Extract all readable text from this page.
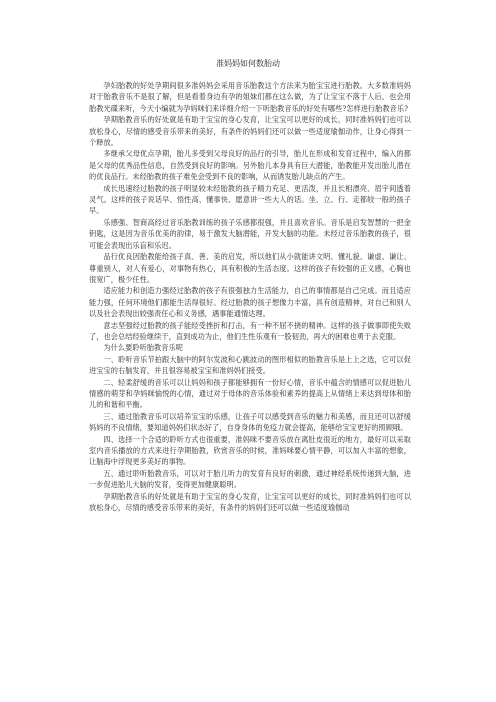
准妈妈如何数胎动

孕妇胎教的好处孕期间很多准妈妈会采用音乐胎教这个方法来为胎宝宝进行胎教。大多数准妈妈对于胎教音乐不是很了解，但是看着身边有孕的姐妹们都在这么做，为了让宝宝不落于人后，也会用胎教光碟来听，今天小编就为孕妈咪们来详细介绍一下听胎教音乐的好处有哪些?怎样进行胎教音乐?

孕期胎教音乐的好处就是有助于宝宝的身心发育，让宝宝可以更好的成长，同时准妈妈们也可以放松身心，尽情的感受音乐带来的美好，有条件的妈妈们还可以做一些适度瑜伽动作，让身心得到一个释放。

多继承父母优点孕期，胎儿多受到父母良好的品行的引导，胎儿在形成和发育过程中，编入的都是父母的优秀品性信息，自然受到良好的影响。另外胎儿本身具有巨大潜能，胎教能开发出胎儿潜在的优良品行。未经胎教的孩子难免会受到不良的影响，从而诱发胎儿缺点的产生。

成长迅速经过胎教的孩子明显较未经胎教的孩子精力充足、更活泼，并且长相漂亮、眉宇间透着灵气。这样的孩子说话早、悟性高、懂事快、愿意讲一些大人的话。坐、立、行、走都较一般的孩子早。

乐感强、智商高经过音乐胎教训练的孩子乐感都很强，并且喜欢音乐。音乐是启发智慧的一把金钥匙，这是因为音乐优美的韵律，易于激发大脑潜能，开发大脑的功能。未经过音乐胎教的孩子，很可能会表现出乐盲和乐迟。

品行优良因胎教能给孩子真、善、美的启发，所以他们从小就能讲文明、懂礼貌、谦虚、谦让、尊重别人，对人有爱心，对事物有热心，具有积极的生活态度。这样的孩子有较强的正义感，心胸也很宽广，极少任性。

适应能力和创造力强经过胎教的孩子有很强独力生活能力，自己的事情都是自己完成。而且适应能力强，任何环境他们都能生活得很好。经过胎教的孩子想像力丰富，具有创造精神，对自己和别人以及社会表现出较强责任心和义务感，遇事能通情达理。

意志坚强经过胎教的孩子能经受挫折和打击，有一种不屈不挠的精神。这样的孩子做事即使失败了，也会总结经验继续干，直到成功为止，他们生性乐观有一股韧劲，再大的困难也勇于去克服。

为什么要聆听胎教音乐呢

一、聆听音乐节拍跟大脑中的阿尔发波和心跳波动的图形相似的胎教音乐是上上之选，它可以促进宝宝的右脑发育，并且很容易被宝宝和准妈妈们接受。

二、轻柔舒缓的音乐可以让妈妈和孩子都能够拥有一份好心情，音乐中蕴含的情感可以促进胎儿情感的萌芽和孕妈咪愉悦的心情，通过对于母体的音乐体验和素养的提高上从情绪上来达到母体和胎儿的和谐和平衡。

三、通过胎教音乐可以培养宝宝的乐感，让孩子可以感受到音乐的魅力和美感，而且还可以舒缓妈妈的不良情绪，要知道妈妈们状态好了，自身身体的免疫力就会提高，能够给宝宝更好的照顾哦。

四、选择一个合适的聆听方式也很重要，准妈咪不要音乐放在离肚皮很近的地方，最好可以采取室内音乐播放的方式来进行孕期胎教，欣赏音乐的时候，准妈咪要心情平静，可以加入丰富的想象，让脑海中浮现更多美好的事物。

五、通过聆听胎教音乐，可以对于胎儿听力的发育有良好的刺激，通过神经系统传递到大脑，进一步促进胎儿大脑的发育，变得更加健康聪明。

孕期胎教音乐的好处就是有助于宝宝的身心发育，让宝宝可以更好的成长，同时准妈妈们也可以放松身心，尽情的感受音乐带来的美好，有条件的妈妈们还可以做一些适度瑜伽动
